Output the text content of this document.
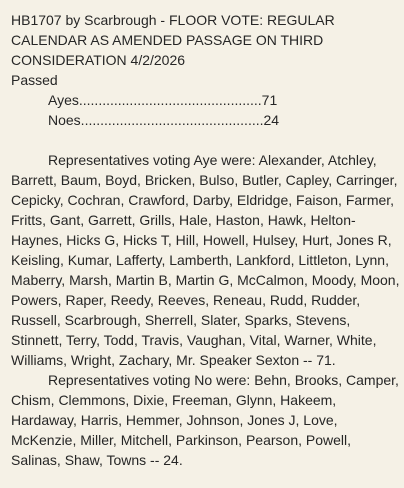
HB1707 by Scarbrough - FLOOR VOTE: REGULAR CALENDAR AS AMENDED PASSAGE ON THIRD CONSIDERATION 4/2/2026
Passed
Ayes...............................................71
Noes...............................................24

Representatives voting Aye were: Alexander, Atchley, Barrett, Baum, Boyd, Bricken, Bulso, Butler, Capley, Carringer, Cepicky, Cochran, Crawford, Darby, Eldridge, Faison, Farmer, Fritts, Gant, Garrett, Grills, Hale, Haston, Hawk, Helton-Haynes, Hicks G, Hicks T, Hill, Howell, Hulsey, Hurt, Jones R, Keisling, Kumar, Lafferty, Lamberth, Lankford, Littleton, Lynn, Maberry, Marsh, Martin B, Martin G, McCalmon, Moody, Moon, Powers, Raper, Reedy, Reeves, Reneau, Rudd, Rudder, Russell, Scarbrough, Sherrell, Slater, Sparks, Stevens, Stinnett, Terry, Todd, Travis, Vaughan, Vital, Warner, White, Williams, Wright, Zachary, Mr. Speaker Sexton -- 71.

Representatives voting No were: Behn, Brooks, Camper, Chism, Clemmons, Dixie, Freeman, Glynn, Hakeem, Hardaway, Harris, Hemmer, Johnson, Jones J, Love, McKenzie, Miller, Mitchell, Parkinson, Pearson, Powell, Salinas, Shaw, Towns -- 24.
